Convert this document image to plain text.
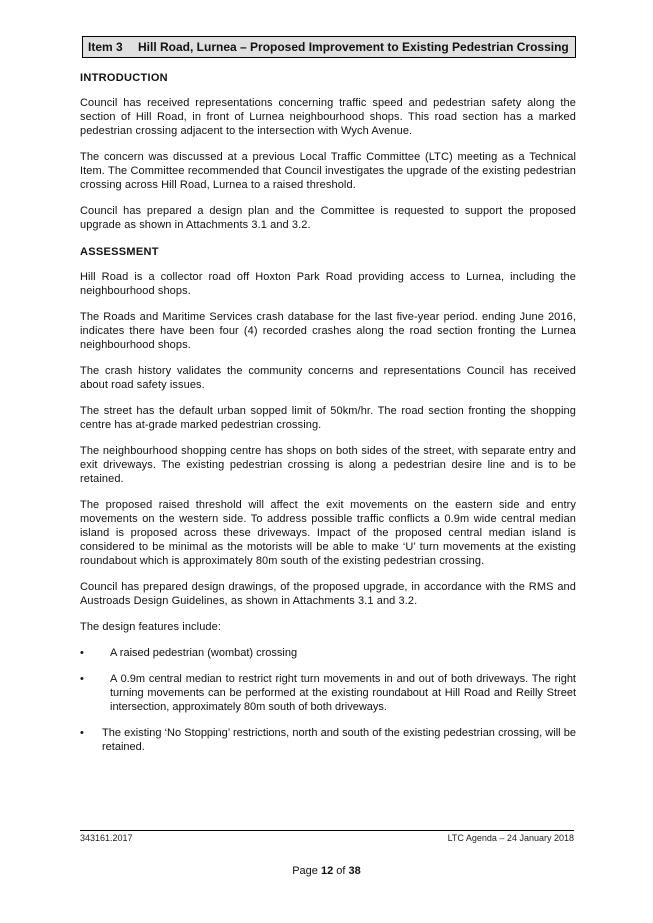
Item 3	Hill Road, Lurnea – Proposed Improvement to Existing Pedestrian Crossing
INTRODUCTION

Council has received representations concerning traffic speed and pedestrian safety along the section of Hill Road, in front of Lurnea neighbourhood shops. This road section has a marked pedestrian crossing adjacent to the intersection with Wych Avenue.

The concern was discussed at a previous Local Traffic Committee (LTC) meeting as a Technical Item. The Committee recommended that Council investigates the upgrade of the existing pedestrian crossing across Hill Road, Lurnea to a raised threshold.

Council has prepared a design plan and the Committee is requested to support the proposed upgrade as shown in Attachments 3.1 and 3.2.

ASSESSMENT

Hill Road is a collector road off Hoxton Park Road providing access to Lurnea, including the neighbourhood shops.

The Roads and Maritime Services crash database for the last five-year period. ending June 2016, indicates there have been four (4) recorded crashes along the road section fronting the Lurnea neighbourhood shops.

The crash history validates the community concerns and representations Council has received about road safety issues.

The street has the default urban sopped limit of 50km/hr. The road section fronting the shopping centre has at-grade marked pedestrian crossing.

The neighbourhood shopping centre has shops on both sides of the street, with separate entry and exit driveways. The existing pedestrian crossing is along a pedestrian desire line and is to be retained.

The proposed raised threshold will affect the exit movements on the eastern side and entry movements on the western side. To address possible traffic conflicts a 0.9m wide central median island is proposed across these driveways. Impact of the proposed central median island is considered to be minimal as the motorists will be able to make ‘U’ turn movements at the existing roundabout which is approximately 80m south of the existing pedestrian crossing.

Council has prepared design drawings, of the proposed upgrade, in accordance with the RMS and Austroads Design Guidelines, as shown in Attachments 3.1 and 3.2.

The design features include:

•	A raised pedestrian (wombat) crossing
•	A 0.9m central median to restrict right turn movements in and out of both driveways. The right turning movements can be performed at the existing roundabout at Hill Road and Reilly Street intersection, approximately 80m south of both driveways.
•	The existing ‘No Stopping’ restrictions, north and south of the existing pedestrian crossing, will be retained.
343161.2017	LTC Agenda – 24 January 2018
Page 12 of 38
